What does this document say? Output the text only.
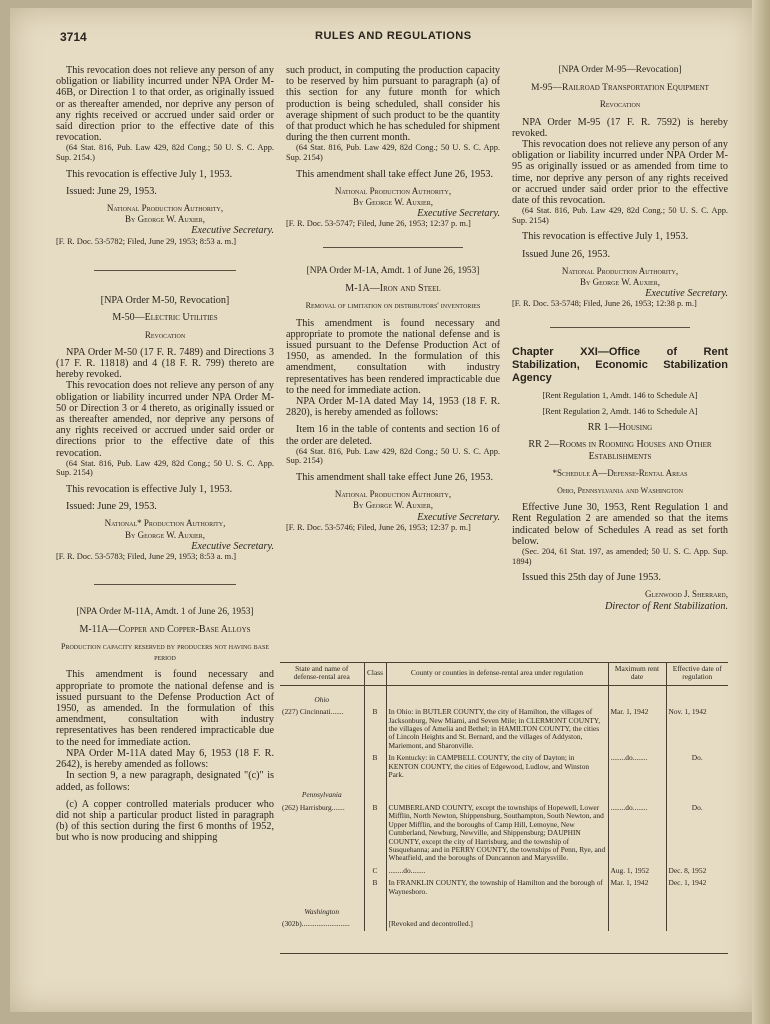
3714	RULES AND REGULATIONS

This revocation does not relieve any person of any obligation or liability incurred under NPA Order M-46B, or Direction 1 to that order, as originally issued or as thereafter amended, nor deprive any person of any rights received or accrued under said order or said direction prior to the effective date of this revocation.

(64 Stat. 816, Pub. Law 429, 82d Cong.; 50 U. S. C. App. Sup. 2154.)

This revocation is effective July 1, 1953.

Issued: June 29, 1953.

National Production Authority,

By George W. Auxier,

Executive Secretary.

[F. R. Doc. 53-5782; Filed, June 29, 1953; 8:53 a. m.]

[NPA Order M-50, Revocation]

M-50—Electric Utilities

Revocation

NPA Order M-50 (17 F. R. 7489) and Directions 3 (17 F. R. 11818) and 4 (18 F. R. 799) thereto are hereby revoked.

This revocation does not relieve any person of any obligation or liability incurred under NPA Order M-50 or Direction 3 or 4 thereto, as originally issued or as thereafter amended, nor deprive any persons of any rights received or accrued under said order or directions prior to the effective date of this revocation.

(64 Stat. 816, Pub. Law 429, 82d Cong.; 50 U. S. C. App. Sup. 2154)

This revocation is effective July 1, 1953.

Issued: June 29, 1953.

National* Production Authority,

By George W. Auxier,

Executive Secretary.

[F. R. Doc. 53-5783; Filed, June 29, 1953; 8:53 a. m.]

[NPA Order M-11A, Amdt. 1 of June 26, 1953]

M-11A—Copper and Copper-Base Alloys

Production capacity reserved by producers not having base period

This amendment is found necessary and appropriate to promote the national defense and is issued pursuant to the Defense Production Act of 1950, as amended. In the formulation of this amendment, consultation with industry representatives has been rendered impracticable due to the need for immediate action.

NPA Order M-11A dated May 6, 1953 (18 F. R. 2642), is hereby amended as follows:

In section 9, a new paragraph, designated "(c)" is added, as follows:

(c) A copper controlled materials producer who did not ship a particular product listed in paragraph (b) of this section during the first 6 months of 1952, but who is now producing and shipping

such product, in computing the production capacity to be reserved by him pursuant to paragraph (a) of this section for any future month for which production is being scheduled, shall consider his average shipment of such product to be the quantity of that product which he has scheduled for shipment during the then current month.

(64 Stat. 816, Pub. Law 429, 82d Cong.; 50 U. S. C. App. Sup. 2154)

This amendment shall take effect June 26, 1953.

National Production Authority,

By George W. Auxier,

Executive Secretary.

[F. R. Doc. 53-5747; Filed, June 26, 1953; 12:37 p. m.]

[NPA Order M-1A, Amdt. 1 of June 26, 1953]

M-1A—Iron and Steel

Removal of limitation on distributors' inventories

This amendment is found necessary and appropriate to promote the national defense and is issued pursuant to the Defense Production Act of 1950, as amended. In the formulation of this amendment, consultation with industry representatives has been rendered impracticable due to the need for immediate action.

NPA Order M-1A dated May 14, 1953 (18 F. R. 2820), is hereby amended as follows:

Item 16 in the table of contents and section 16 of the order are deleted.

(64 Stat. 816, Pub. Law 429, 82d Cong.; 50 U. S. C. App. Sup. 2154)

This amendment shall take effect June 26, 1953.

National Production Authority,

By George W. Auxier,

Executive Secretary.

[F. R. Doc. 53-5746; Filed, June 26, 1953; 12:37 p. m.]

[NPA Order M-95—Revocation]

M-95—Railroad Transportation Equipment

Revocation

NPA Order M-95 (17 F. R. 7592) is hereby revoked.

This revocation does not relieve any person of any obligation or liability incurred under NPA Order M-95 as originally issued or as amended from time to time, nor deprive any person of any rights received or accrued under said order prior to the effective date of this revocation.

(64 Stat. 816, Pub. Law 429, 82d Cong.; 50 U. S. C. App. Sup. 2154)

This revocation is effective July 1, 1953.

Issued June 26, 1953.

National Production Authority,

By George W. Auxier,

Executive Secretary.

[F. R. Doc. 53-5748; Filed, June 26, 1953; 12:38 p. m.]

Chapter XXI—Office of Rent Stabilization, Economic Stabilization Agency

[Rent Regulation 1, Amdt. 146 to Schedule A]

[Rent Regulation 2, Amdt. 146 to Schedule A]

RR 1—Housing

RR 2—Rooms in Rooming Houses and Other Establishments

*Schedule A—Defense-Rental Areas

Ohio, Pennsylvania and Washington

Effective June 30, 1953, Rent Regulation 1 and Rent Regulation 2 are amended so that the items indicated below of Schedules A read as set forth below.

(Sec. 204, 61 Stat. 197, as amended; 50 U. S. C. App. Sup. 1894)

Issued this 25th day of June 1953.

Glenwood J. Sherrard,

Director of Rent Stabilization.

State and name of defense-rental area	Class	County or counties in defense-rental area under regulation	Maximum rent date	Effective date of regulation
Ohio				
(227) Cincinnati.......	B	In Ohio: in BUTLER COUNTY, the city of Hamilton, the villages of Jacksonburg, New Miami, and Seven Mile; in CLERMONT COUNTY, the villages of Amelia and Bethel; in HAMILTON COUNTY, the cities of Lincoln Heights and St. Bernard, and the villages of Addyston, Mariemont, and Sharonville.	Mar. 1, 1942	Nov. 1, 1942
	B	In Kentucky: in CAMPBELL COUNTY, the city of Dayton; in KENTON COUNTY, the cities of Edgewood, Ludlow, and Winston Park.	........do........	Do.
Pennsylvania				
(262) Harrisburg.......	B	CUMBERLAND COUNTY, except the townships of Hopewell, Lower Mifflin, North Newton, Shippensburg, Southampton, South Newton, and Upper Mifflin, and the boroughs of Camp Hill, Lemoyne, New Cumberland, Newburg, Newville, and Shippensburg; DAUPHIN COUNTY, except the city of Harrisburg, and the township of Susquehanna; and in PERRY COUNTY, the townships of Penn, Rye, and Wheatfield, and the boroughs of Duncannon and Marysville.	........do........	Do.
	C	........do........	Aug. 1, 1952	Dec. 8, 1952
	B	In FRANKLIN COUNTY, the township of Hamilton and the borough of Waynesboro.	Mar. 1, 1942	Dec. 1, 1942
Washington				
(302b)..........................		[Revoked and decontrolled.]		
